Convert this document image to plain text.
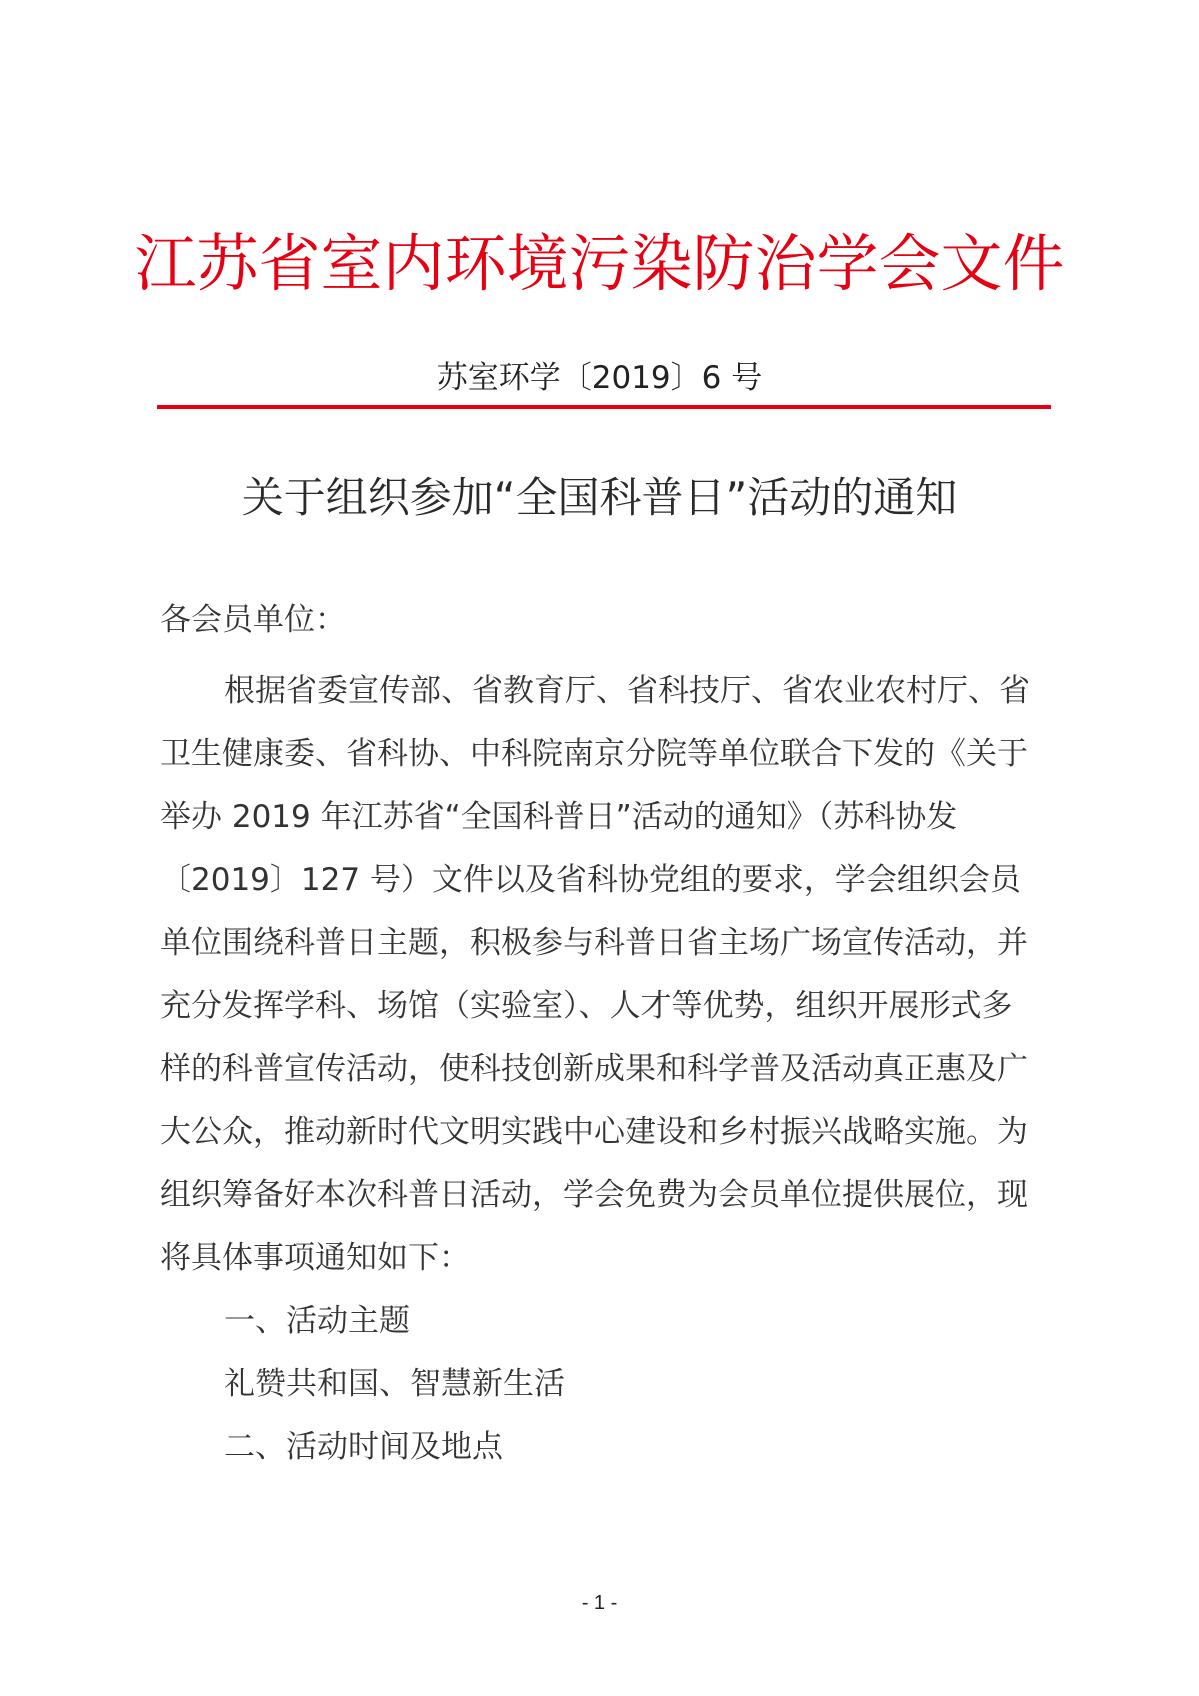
江苏省室内环境污染防治学会文件
苏室环学〔2019〕6 号
关于组织参加“全国科普日”活动的通知
各会员单位：
根据省委宣传部、省教育厅、省科技厅、省农业农村厅、省
卫生健康委、省科协、中科院南京分院等单位联合下发的《关于
举办 2019 年江苏省“全国科普日”活动的通知》（苏科协发
〔2019〕127 号）文件以及省科协党组的要求，学会组织会员
单位围绕科普日主题，积极参与科普日省主场广场宣传活动，并
充分发挥学科、场馆（实验室）、人才等优势，组织开展形式多
样的科普宣传活动，使科技创新成果和科学普及活动真正惠及广
大公众，推动新时代文明实践中心建设和乡村振兴战略实施。为
组织筹备好本次科普日活动，学会免费为会员单位提供展位，现
将具体事项通知如下：
一、活动主题
礼赞共和国、智慧新生活
二、活动时间及地点
- 1 -
